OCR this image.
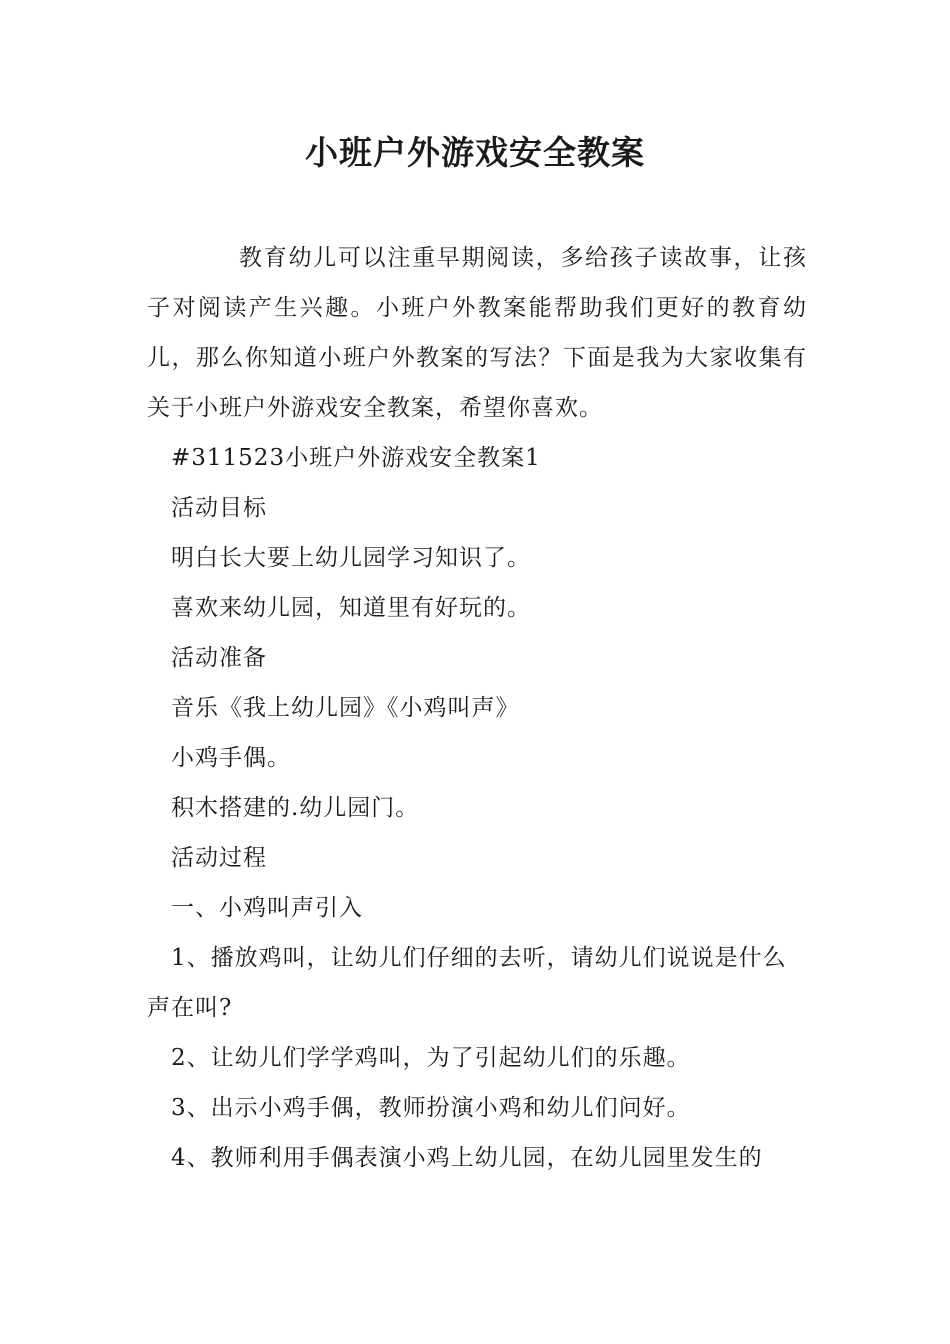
小班户外游戏安全教案

教育幼儿可以注重早期阅读，多给孩子读故事，让孩子对阅读产生兴趣。小班户外教案能帮助我们更好的教育幼儿，那么你知道小班户外教案的写法？下面是我为大家收集有关于小班户外游戏安全教案，希望你喜欢。

#311523小班户外游戏安全教案1

活动目标

明白长大要上幼儿园学习知识了。

喜欢来幼儿园，知道里有好玩的。

活动准备

音乐《我上幼儿园》《小鸡叫声》

小鸡手偶。

积木搭建的.幼儿园门。

活动过程

一、小鸡叫声引入

1、播放鸡叫，让幼儿们仔细的去听，请幼儿们说说是什么声在叫?

2、让幼儿们学学鸡叫，为了引起幼儿们的乐趣。

3、出示小鸡手偶，教师扮演小鸡和幼儿们问好。

4、教师利用手偶表演小鸡上幼儿园，在幼儿园里发生的
